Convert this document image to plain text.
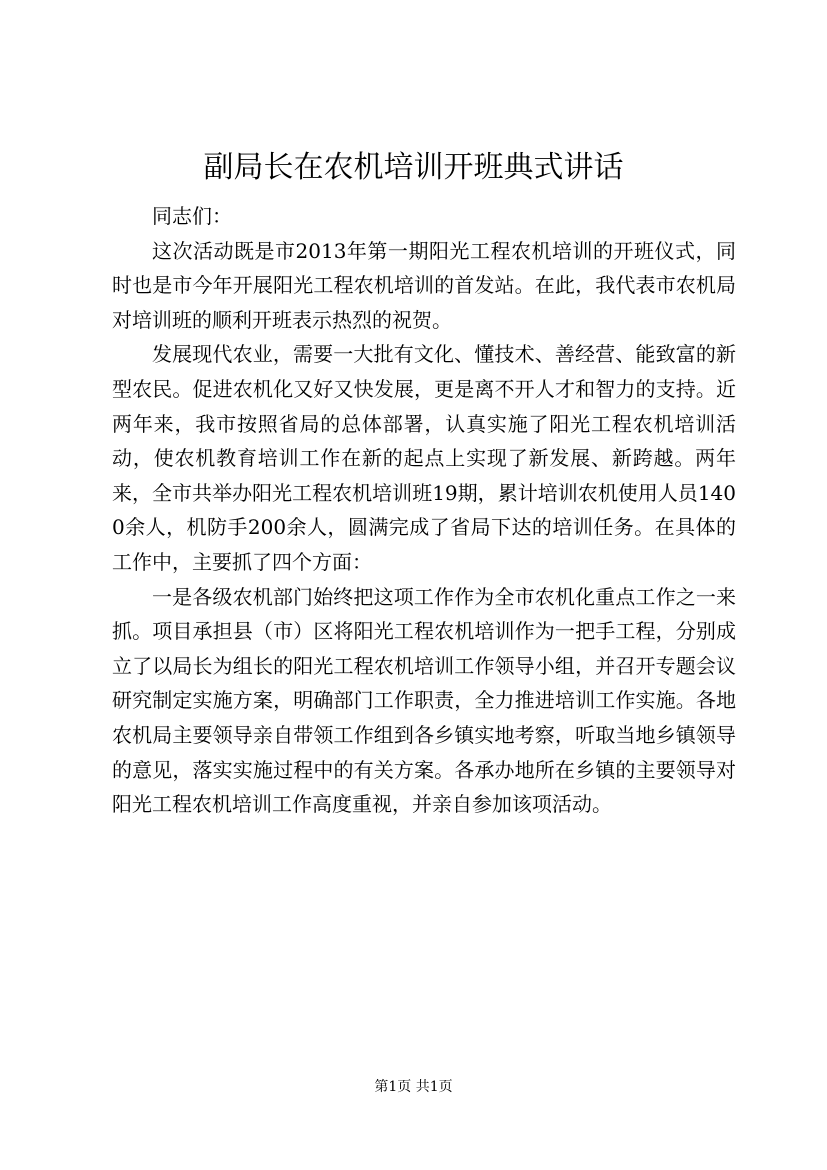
副局长在农机培训开班典式讲话

同志们：

这次活动既是市2013年第一期阳光工程农机培训的开班仪式，同时也是市今年开展阳光工程农机培训的首发站。在此，我代表市农机局对培训班的顺利开班表示热烈的祝贺。

发展现代农业，需要一大批有文化、懂技术、善经营、能致富的新型农民。促进农机化又好又快发展，更是离不开人才和智力的支持。近两年来，我市按照省局的总体部署，认真实施了阳光工程农机培训活动，使农机教育培训工作在新的起点上实现了新发展、新跨越。两年来，全市共举办阳光工程农机培训班19期，累计培训农机使用人员1400余人，机防手200余人，圆满完成了省局下达的培训任务。在具体的工作中，主要抓了四个方面：

一是各级农机部门始终把这项工作作为全市农机化重点工作之一来抓。项目承担县（市）区将阳光工程农机培训作为一把手工程，分别成立了以局长为组长的阳光工程农机培训工作领导小组，并召开专题会议研究制定实施方案，明确部门工作职责，全力推进培训工作实施。各地农机局主要领导亲自带领工作组到各乡镇实地考察，听取当地乡镇领导的意见，落实实施过程中的有关方案。各承办地所在乡镇的主要领导对阳光工程农机培训工作高度重视，并亲自参加该项活动。

第1页 共1页
